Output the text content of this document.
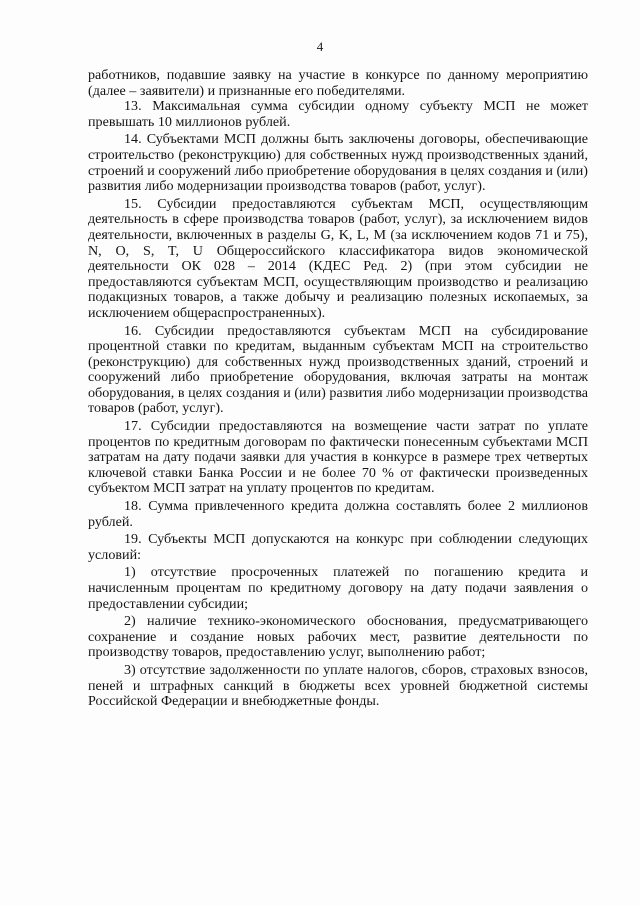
4

работников, подавшие заявку на участие в конкурсе по данному мероприятию (далее – заявители) и признанные его победителями.

13. Максимальная сумма субсидии одному субъекту МСП не может превышать 10 миллионов рублей.

14. Субъектами МСП должны быть заключены договоры, обеспечивающие строительство (реконструкцию) для собственных нужд производственных зданий, строений и сооружений либо приобретение оборудования в целях создания и (или) развития либо модернизации производства товаров (работ, услуг).

15. Субсидии предоставляются субъектам МСП, осуществляющим деятельность в сфере производства товаров (работ, услуг), за исключением видов деятельности, включенных в разделы G, K, L, M (за исключением кодов 71 и 75), N, O, S, T, U Общероссийского классификатора видов экономической деятельности ОК 028 – 2014 (КДЕС Ред. 2) (при этом субсидии не предоставляются субъектам МСП, осуществляющим производство и реализацию подакцизных товаров, а также добычу и реализацию полезных ископаемых, за исключением общераспространенных).

16. Субсидии предоставляются субъектам МСП на субсидирование процентной ставки по кредитам, выданным субъектам МСП на строительство (реконструкцию) для собственных нужд производственных зданий, строений и сооружений либо приобретение оборудования, включая затраты на монтаж оборудования, в целях создания и (или) развития либо модернизации производства товаров (работ, услуг).

17. Субсидии предоставляются на возмещение части затрат по уплате процентов по кредитным договорам по фактически понесенным субъектами МСП затратам на дату подачи заявки для участия в конкурсе в размере трех четвертых ключевой ставки Банка России и не более 70 % от фактически произведенных субъектом МСП затрат на уплату процентов по кредитам.

18. Сумма привлеченного кредита должна составлять более 2 миллионов рублей.

19. Субъекты МСП допускаются на конкурс при соблюдении следующих условий:

1) отсутствие просроченных платежей по погашению кредита и начисленным процентам по кредитному договору на дату подачи заявления о предоставлении субсидии;

2) наличие технико-экономического обоснования, предусматривающего сохранение и создание новых рабочих мест, развитие деятельности по производству товаров, предоставлению услуг, выполнению работ;

3) отсутствие задолженности по уплате налогов, сборов, страховых взносов, пеней и штрафных санкций в бюджеты всех уровней бюджетной системы Российской Федерации и внебюджетные фонды.
